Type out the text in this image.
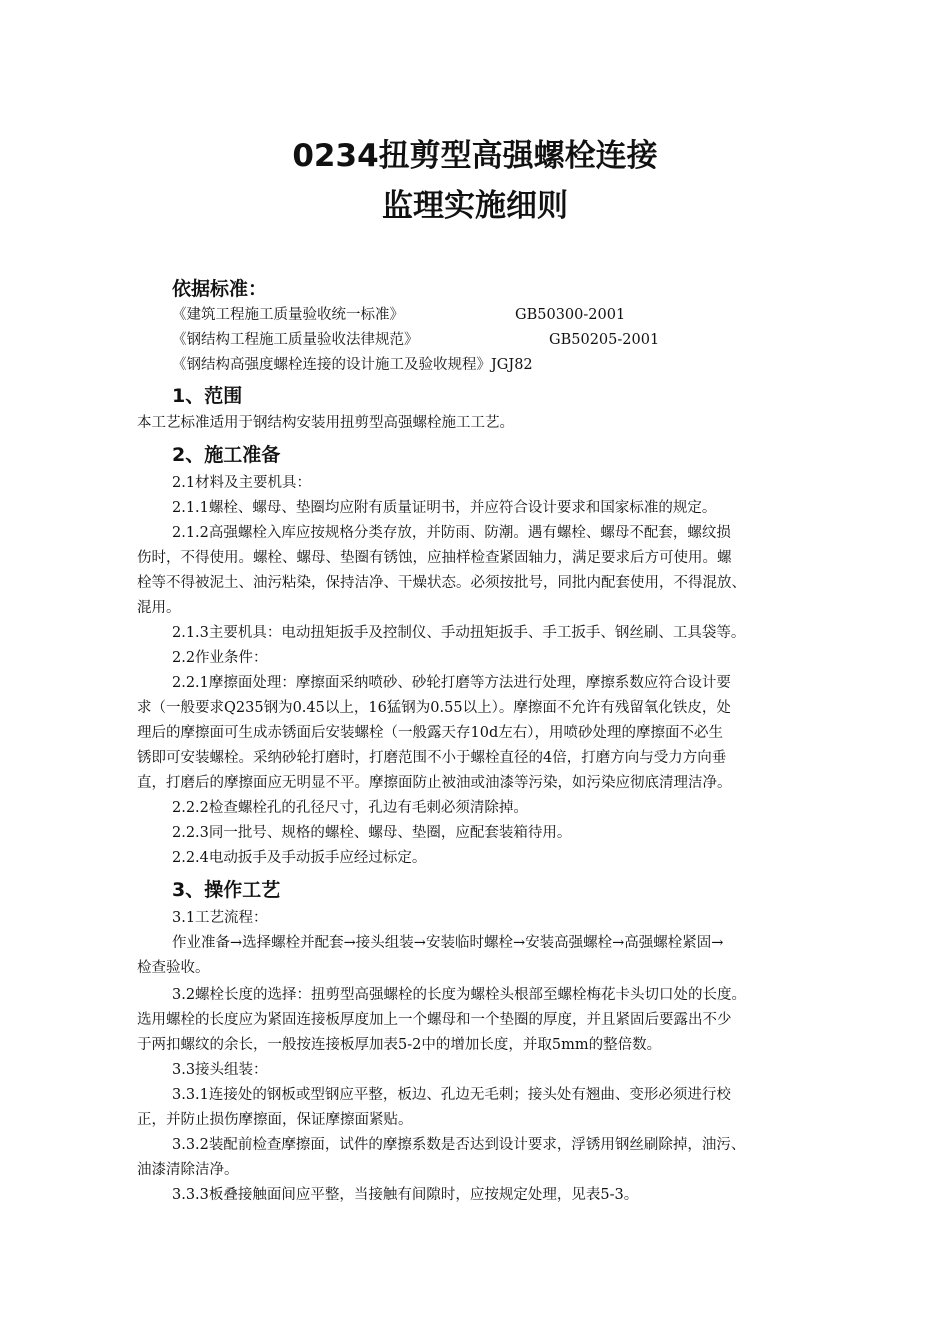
0234扭剪型高强螺栓连接
监理实施细则
依据标准：
《建筑工程施工质量验收统一标准》	GB50300-2001
《钢结构工程施工质量验收法律规范》	GB50205-2001
《钢结构高强度螺栓连接的设计施工及验收规程》JGJ82
1、范围
本工艺标准适用于钢结构安装用扭剪型高强螺栓施工工艺。
2、施工准备
2.1材料及主要机具：
2.1.1螺栓、螺母、垫圈均应附有质量证明书，并应符合设计要求和国家标准的规定。
2.1.2高强螺栓入库应按规格分类存放，并防雨、防潮。遇有螺栓、螺母不配套，螺纹损
伤时，不得使用。螺栓、螺母、垫圈有锈蚀，应抽样检查紧固轴力，满足要求后方可使用。螺
栓等不得被泥土、油污粘染，保持洁净、干燥状态。必须按批号，同批内配套使用，不得混放、
混用。
2.1.3主要机具：电动扭矩扳手及控制仪、手动扭矩扳手、手工扳手、钢丝刷、工具袋等。
2.2作业条件：
2.2.1摩擦面处理：摩擦面采纳喷砂、砂轮打磨等方法进行处理，摩擦系数应符合设计要
求（一般要求Q235钢为0.45以上，16猛钢为0.55以上）。摩擦面不允许有残留氧化铁皮，处
理后的摩擦面可生成赤锈面后安装螺栓（一般露天存10d左右），用喷砂处理的摩擦面不必生
锈即可安装螺栓。采纳砂轮打磨时，打磨范围不小于螺栓直径的4倍，打磨方向与受力方向垂
直，打磨后的摩擦面应无明显不平。摩擦面防止被油或油漆等污染，如污染应彻底清理洁净。
2.2.2检查螺栓孔的孔径尺寸，孔边有毛刺必须清除掉。
2.2.3同一批号、规格的螺栓、螺母、垫圈，应配套装箱待用。
2.2.4电动扳手及手动扳手应经过标定。
3、操作工艺
3.1工艺流程：
作业准备→选择螺栓并配套→接头组装→安装临时螺栓→安装高强螺栓→高强螺栓紧固→
检查验收。
3.2螺栓长度的选择：扭剪型高强螺栓的长度为螺栓头根部至螺栓梅花卡头切口处的长度。
选用螺栓的长度应为紧固连接板厚度加上一个螺母和一个垫圈的厚度，并且紧固后要露出不少
于两扣螺纹的余长，一般按连接板厚加表5-2中的增加长度，并取5mm的整倍数。
3.3接头组装：
3.3.1连接处的钢板或型钢应平整，板边、孔边无毛刺；接头处有翘曲、变形必须进行校
正，并防止损伤摩擦面，保证摩擦面紧贴。
3.3.2装配前检查摩擦面，试件的摩擦系数是否达到设计要求，浮锈用钢丝刷除掉，油污、
油漆清除洁净。
3.3.3板叠接触面间应平整，当接触有间隙时，应按规定处理，见表5-3。
